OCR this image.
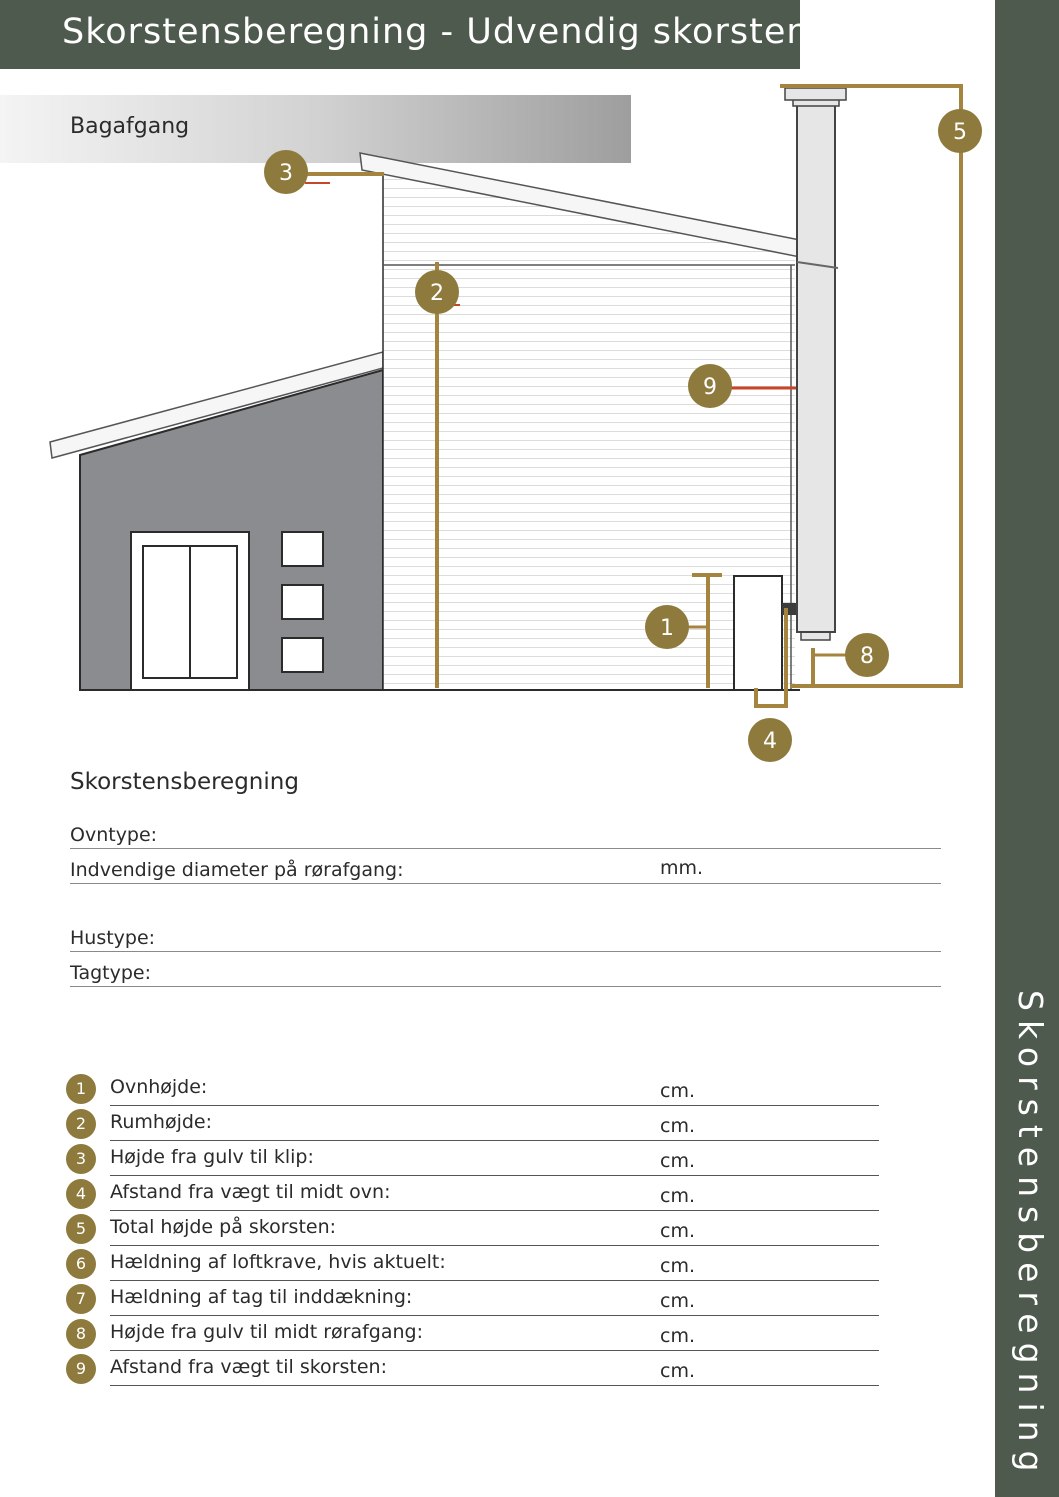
Skorstensberegning - Udvendig skorsten
Skorstensberegning
Bagafgang
3
2
5
9
1
8
4
Skorstensberegning
Ovntype:
Indvendige diameter på rørafgang:	mm.
Hustype:
Tagtype:
1	Ovnhøjde:	cm.
2	Rumhøjde:	cm.
3	Højde fra gulv til klip:	cm.
4	Afstand fra vægt til midt ovn:	cm.
5	Total højde på skorsten:	cm.
6	Hældning af loftkrave, hvis aktuelt:	cm.
7	Hældning af tag til inddækning:	cm.
8	Højde fra gulv til midt rørafgang:	cm.
9	Afstand fra vægt til skorsten:	cm.
